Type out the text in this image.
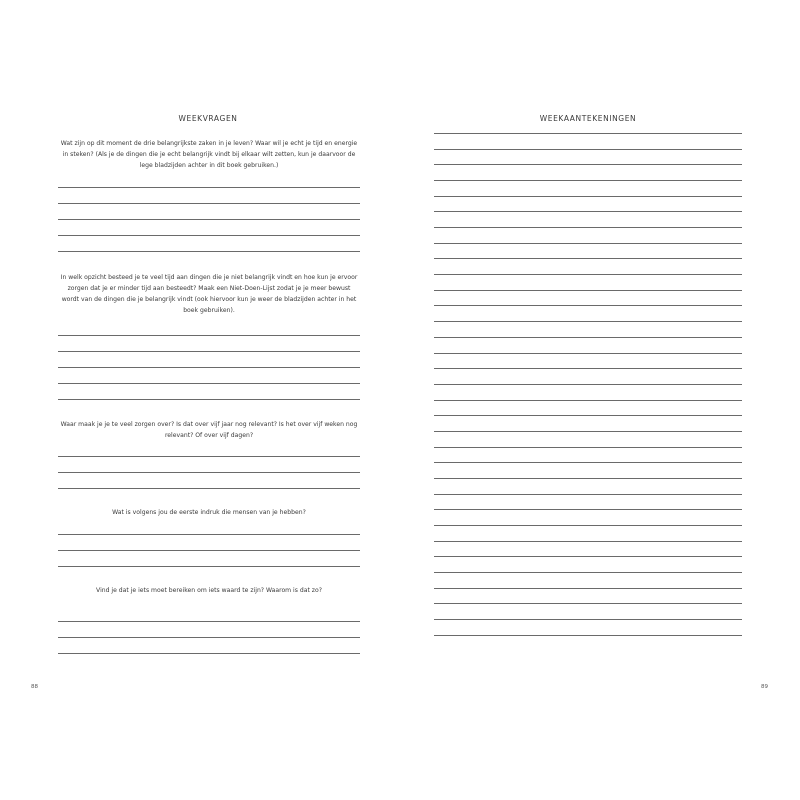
WEEKVRAGEN
Wat zijn op dit moment de drie belangrijkste zaken in je leven? Waar wil je echt je tijd en energie in steken? (Als je de dingen die je echt belangrijk vindt bij elkaar wilt zetten, kun je daarvoor de lege bladzijden achter in dit boek gebruiken.)
In welk opzicht besteed je te veel tijd aan dingen die je niet belangrijk vindt en hoe kun je ervoor zorgen dat je er minder tijd aan besteedt? Maak een Niet-Doen-Lijst zodat je je meer bewust wordt van de dingen die je belangrijk vindt (ook hiervoor kun je weer de bladzijden achter in het boek gebruiken).
Waar maak je je te veel zorgen over? Is dat over vijf jaar nog relevant? Is het over vijf weken nog relevant? Of over vijf dagen?
Wat is volgens jou de eerste indruk die mensen van je hebben?
Vind je dat je iets moet bereiken om iets waard te zijn? Waarom is dat zo?
88
WEEKAANTEKENINGEN
89
